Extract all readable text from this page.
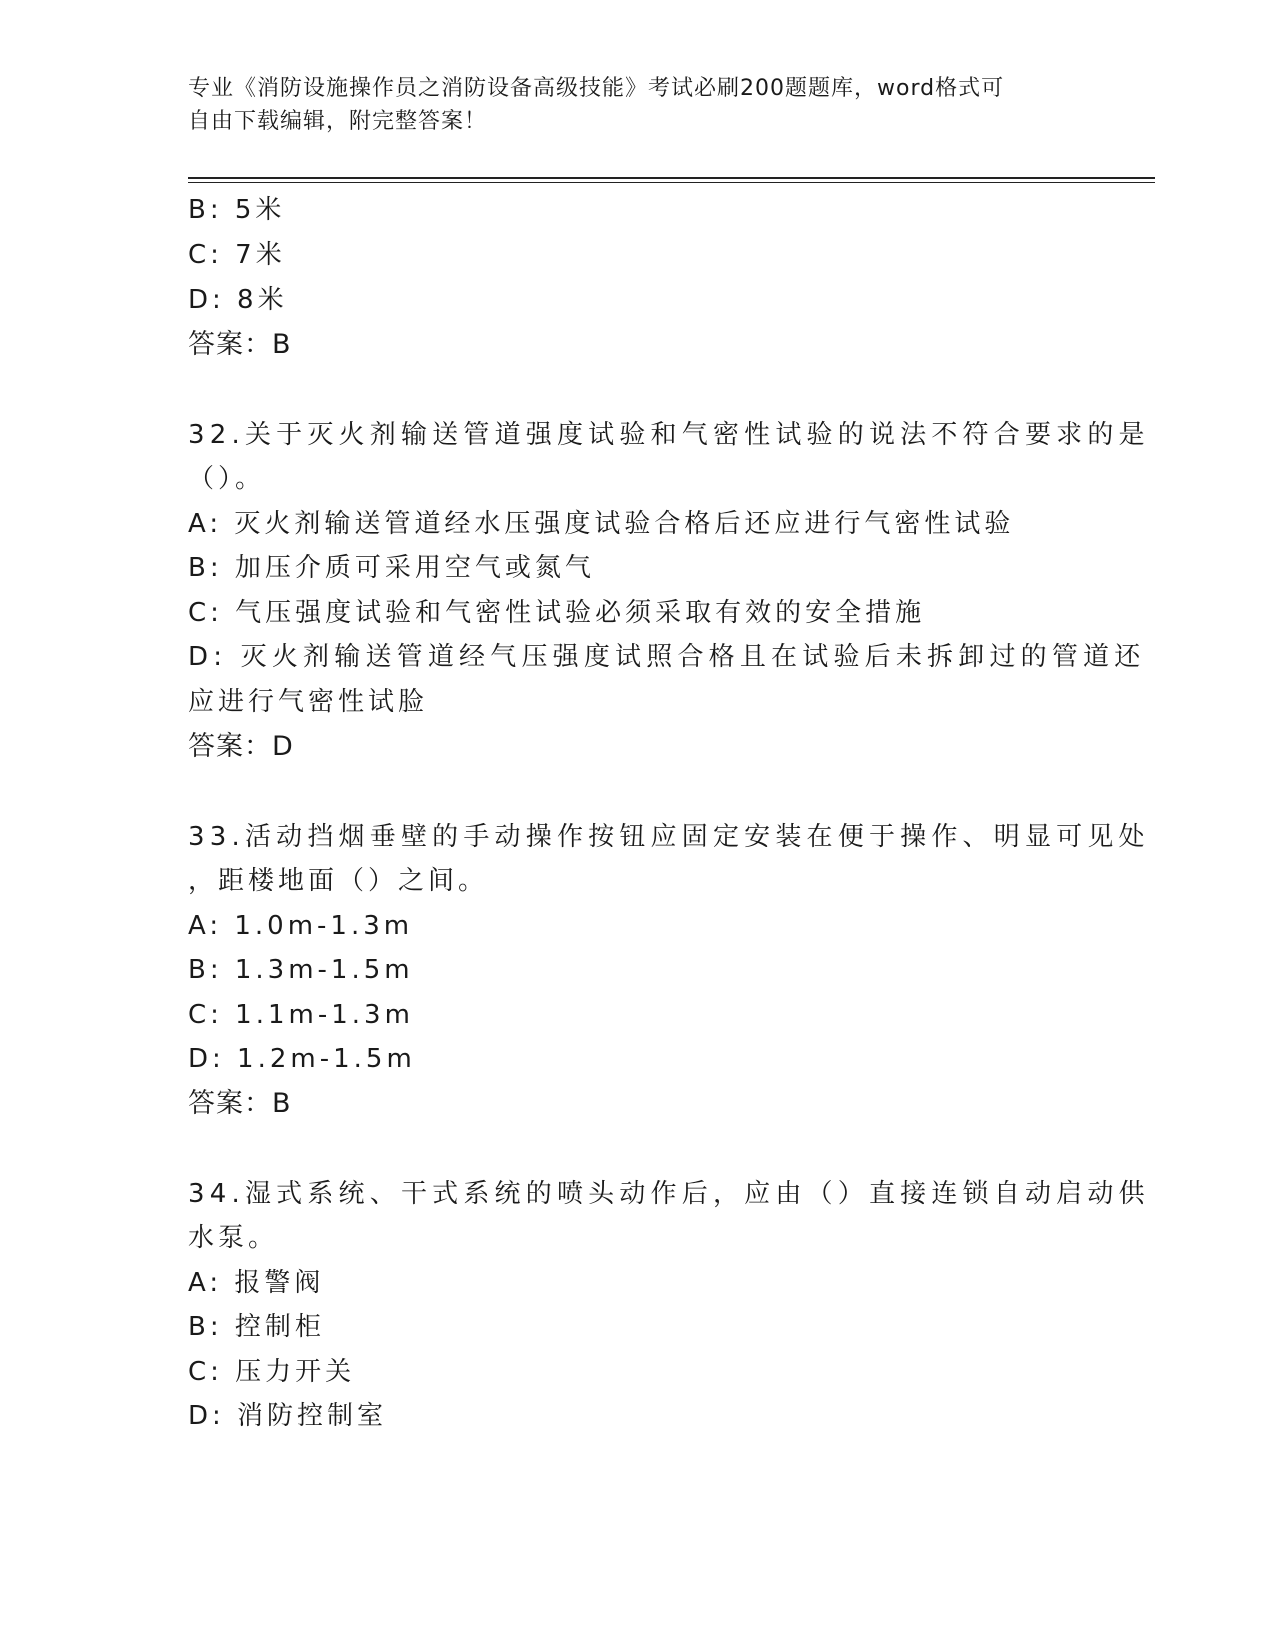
专业《消防设施操作员之消防设备高级技能》考试必刷200题题库，word格式可
自由下载编辑，附完整答案！
B: 5米
C: 7米
D: 8米
答案：B
32.关于灭火剂输送管道强度试验和气密性试验的说法不符合要求的是
（）。
A: 灭火剂输送管道经水压强度试验合格后还应进行气密性试验
B: 加压介质可采用空气或氮气
C: 气压强度试验和气密性试验必须采取有效的安全措施
D: 灭火剂输送管道经气压强度试照合格且在试验后未拆卸过的管道还
应进行气密性试脸
答案：D
33.活动挡烟垂壁的手动操作按钮应固定安装在便于操作、明显可见处
，距楼地面（）之间。
A: 1.0m-1.3m
B: 1.3m-1.5m
C: 1.1m-1.3m
D: 1.2m-1.5m
答案：B
34.湿式系统、干式系统的喷头动作后，应由（）直接连锁自动启动供
水泵。
A: 报警阀
B: 控制柜
C: 压力开关
D: 消防控制室
